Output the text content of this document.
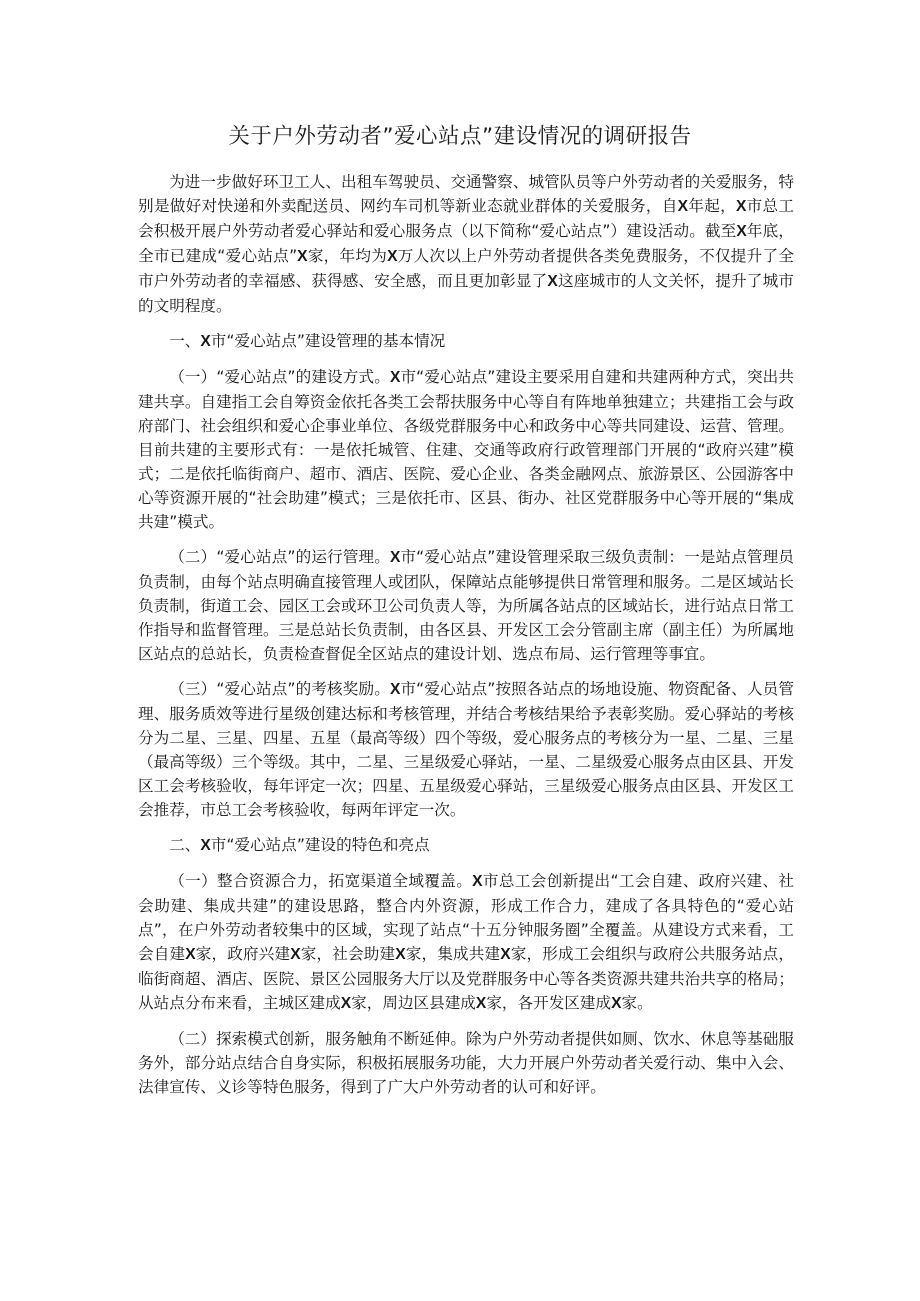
关于户外劳动者”爱心站点”建设情况的调研报告

为进一步做好环卫工人、出租车驾驶员、交通警察、城管队员等户外劳动者的关爱服务，特别是做好对快递和外卖配送员、网约车司机等新业态就业群体的关爱服务，自X年起，X市总工会积极开展户外劳动者爱心驿站和爱心服务点（以下简称“爱心站点”）建设活动。截至X年底，全市已建成“爱心站点”X家，年均为X万人次以上户外劳动者提供各类免费服务，不仅提升了全市户外劳动者的幸福感、获得感、安全感，而且更加彰显了X这座城市的人文关怀，提升了城市的文明程度。

一、X市“爱心站点”建设管理的基本情况

（一）“爱心站点”的建设方式。X市“爱心站点”建设主要采用自建和共建两种方式，突出共建共享。自建指工会自筹资金依托各类工会帮扶服务中心等自有阵地单独建立；共建指工会与政府部门、社会组织和爱心企事业单位、各级党群服务中心和政务中心等共同建设、运营、管理。目前共建的主要形式有：一是依托城管、住建、交通等政府行政管理部门开展的“政府兴建”模式；二是依托临街商户、超市、酒店、医院、爱心企业、各类金融网点、旅游景区、公园游客中心等资源开展的“社会助建”模式；三是依托市、区县、街办、社区党群服务中心等开展的“集成共建”模式。

（二）“爱心站点”的运行管理。X市“爱心站点”建设管理采取三级负责制：一是站点管理员负责制，由每个站点明确直接管理人或团队，保障站点能够提供日常管理和服务。二是区域站长负责制，街道工会、园区工会或环卫公司负责人等，为所属各站点的区域站长，进行站点日常工作指导和监督管理。三是总站长负责制，由各区县、开发区工会分管副主席（副主任）为所属地区站点的总站长，负责检查督促全区站点的建设计划、选点布局、运行管理等事宜。

（三）“爱心站点”的考核奖励。X市“爱心站点”按照各站点的场地设施、物资配备、人员管理、服务质效等进行星级创建达标和考核管理，并结合考核结果给予表彰奖励。爱心驿站的考核分为二星、三星、四星、五星（最高等级）四个等级，爱心服务点的考核分为一星、二星、三星（最高等级）三个等级。其中，二星、三星级爱心驿站，一星、二星级爱心服务点由区县、开发区工会考核验收，每年评定一次；四星、五星级爱心驿站，三星级爱心服务点由区县、开发区工会推荐，市总工会考核验收，每两年评定一次。

二、X市“爱心站点”建设的特色和亮点

（一）整合资源合力，拓宽渠道全域覆盖。X市总工会创新提出“工会自建、政府兴建、社会助建、集成共建”的建设思路，整合内外资源，形成工作合力，建成了各具特色的“爱心站点”，在户外劳动者较集中的区域，实现了站点“十五分钟服务圈”全覆盖。从建设方式来看，工会自建X家，政府兴建X家，社会助建X家，集成共建X家，形成工会组织与政府公共服务站点，临街商超、酒店、医院、景区公园服务大厅以及党群服务中心等各类资源共建共治共享的格局；从站点分布来看，主城区建成X家，周边区县建成X家，各开发区建成X家。

（二）探索模式创新，服务触角不断延伸。除为户外劳动者提供如厕、饮水、休息等基础服务外，部分站点结合自身实际，积极拓展服务功能，大力开展户外劳动者关爱行动、集中入会、法律宣传、义诊等特色服务，得到了广大户外劳动者的认可和好评。
